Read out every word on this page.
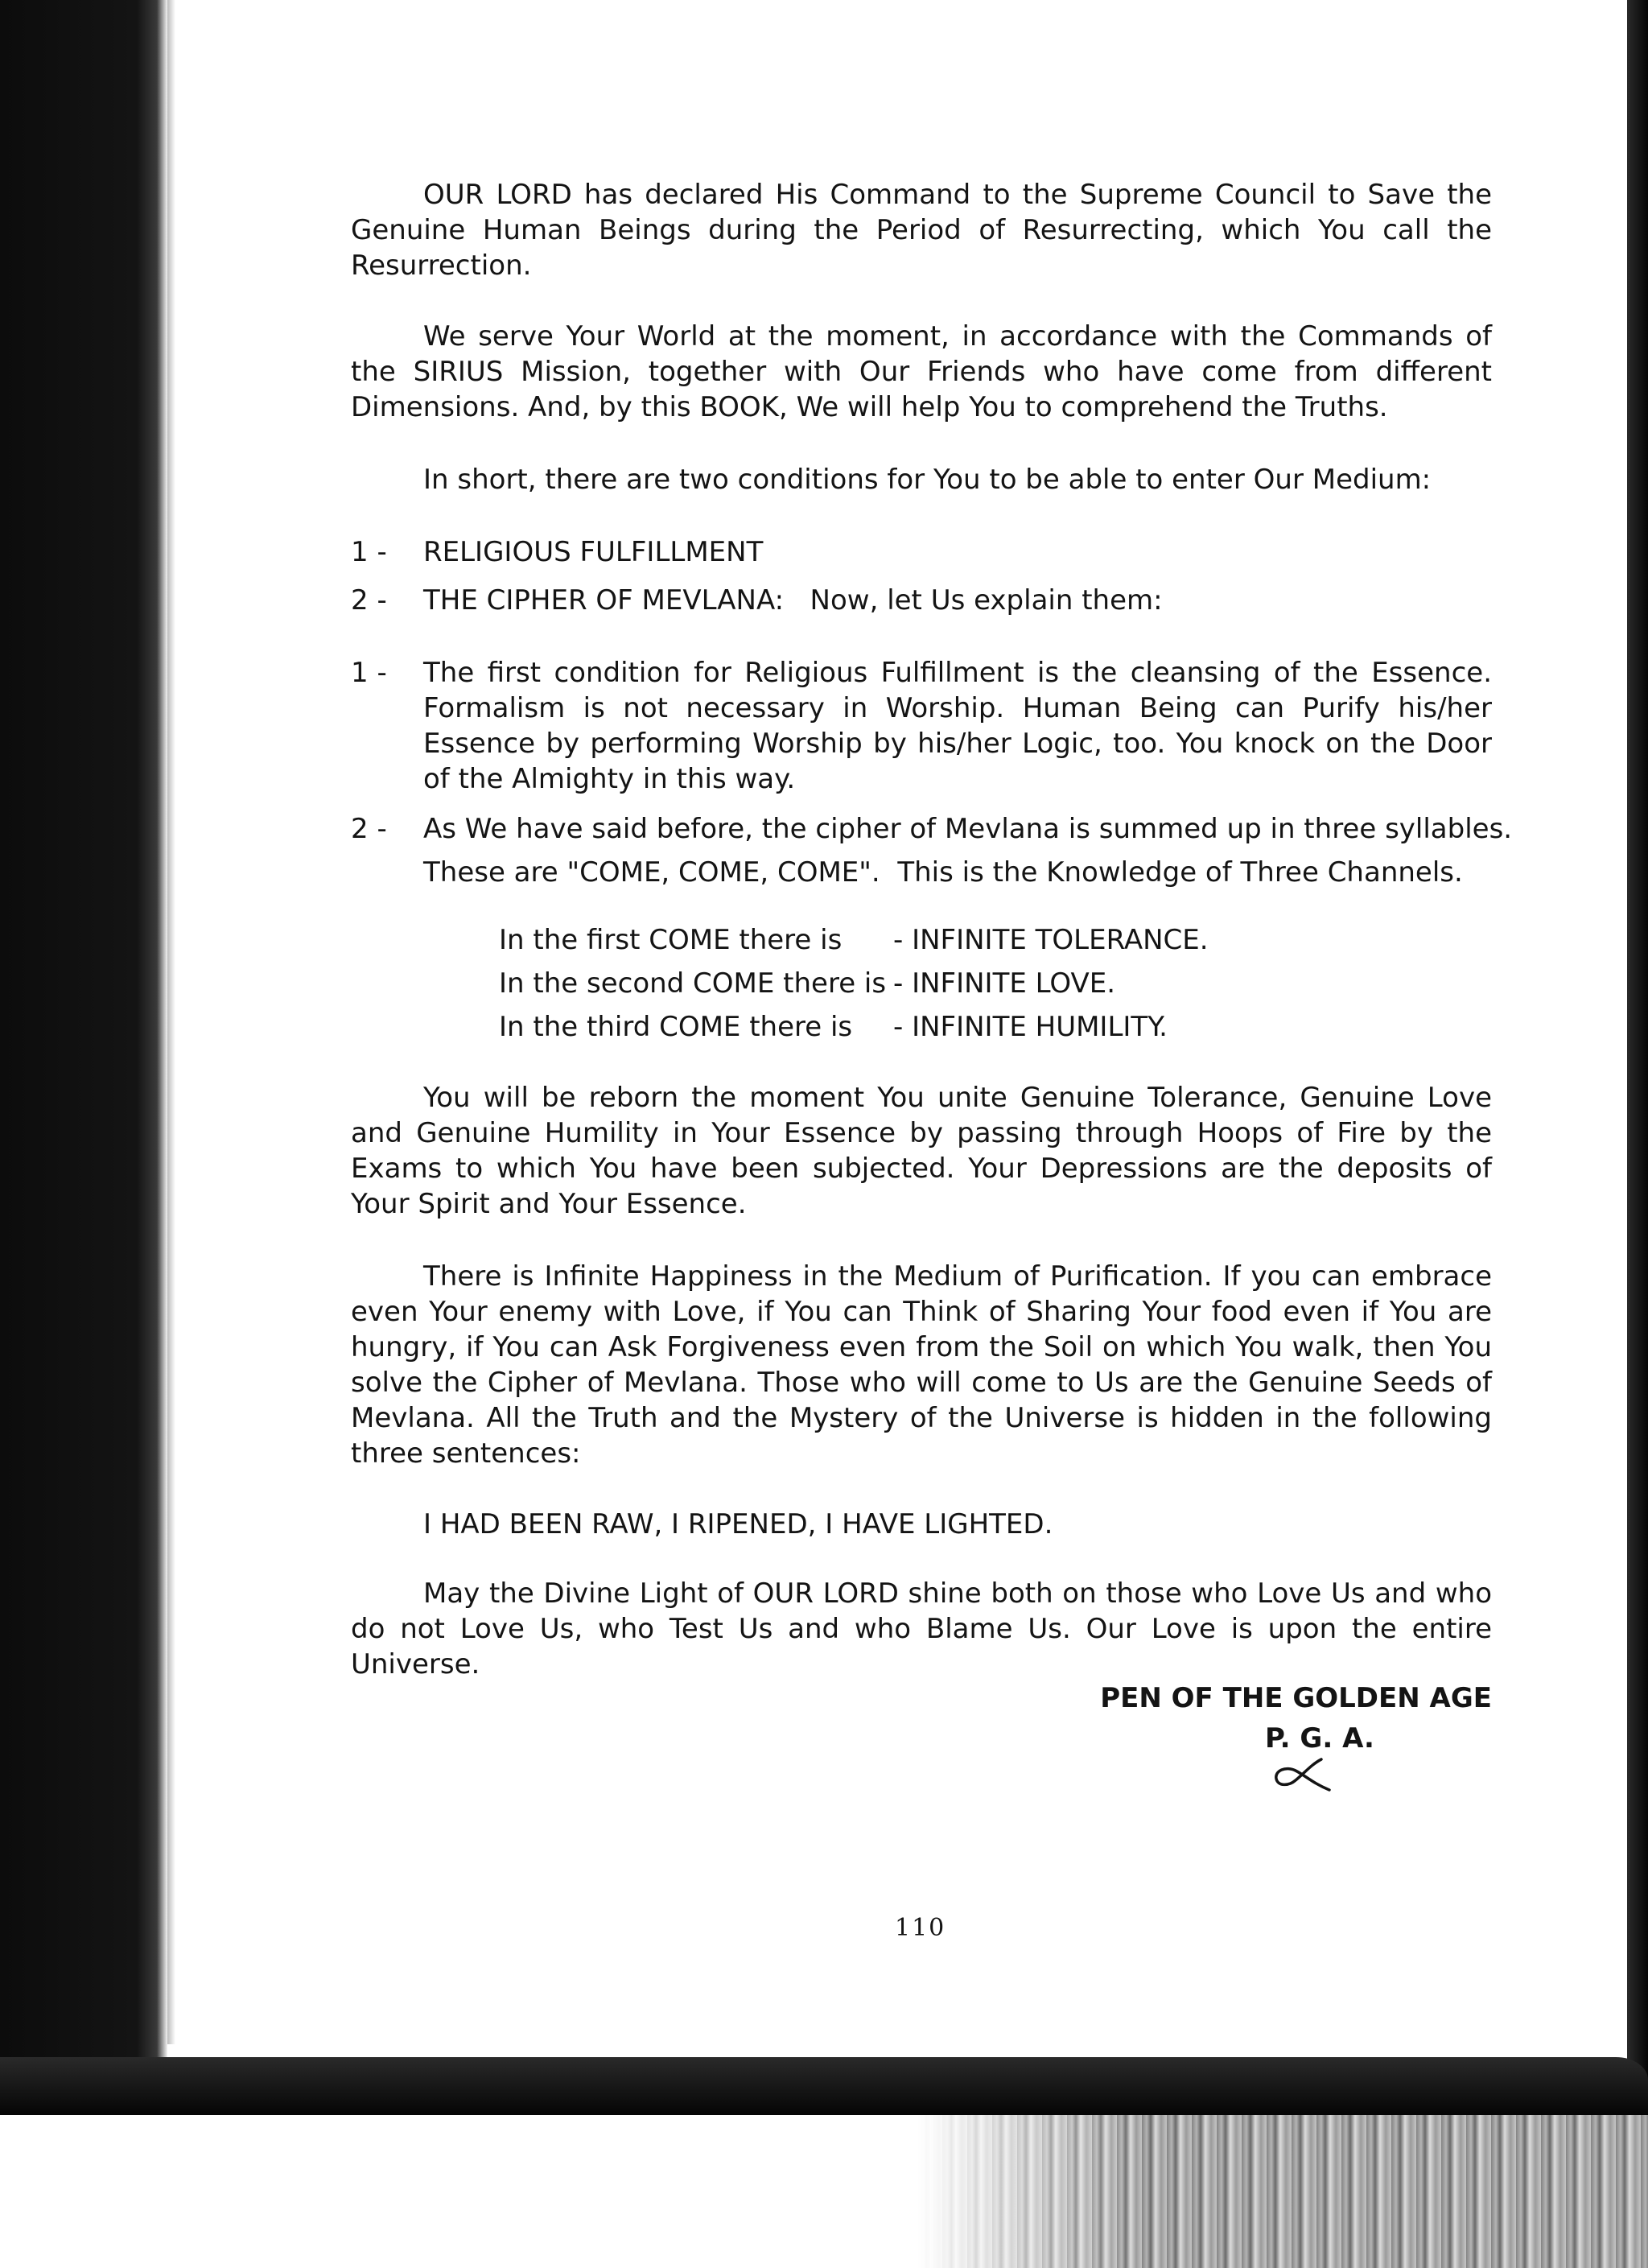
OUR LORD has declared His Command to the Supreme Council to Save the Genuine Human Beings during the Period of Resurrecting, which You call the Resurrection.

We serve Your World at the moment, in accordance with the Commands of the SIRIUS Mission, together with Our Friends who have come from different Dimensions. And, by this BOOK, We will help You to comprehend the Truths.

In short, there are two conditions for You to be able to enter Our Medium:

1 - RELIGIOUS FULFILLMENT
2 - THE CIPHER OF MEVLANA:   Now, let Us explain them:
1 - The first condition for Religious Fulfillment is the cleansing of the Essence. Formalism is not necessary in Worship. Human Being can Purify his/her Essence by performing Worship by his/her Logic, too. You knock on the Door of the Almighty in this way.

2 - As We have said before, the cipher of Mevlana is summed up in three syllables.
These are "COME, COME, COME".  This is the Knowledge of Three Channels.
In the first COME there is - INFINITE TOLERANCE.
In the second COME there is - INFINITE LOVE.
In the third COME there is - INFINITE HUMILITY.

You will be reborn the moment You unite Genuine Tolerance, Genuine Love and Genuine Humility in Your Essence by passing through Hoops of Fire by the Exams to which You have been subjected. Your Depressions are the deposits of Your Spirit and Your Essence.

There is Infinite Happiness in the Medium of Purification. If you can embrace even Your enemy with Love, if You can Think of Sharing Your food even if You are hungry, if You can Ask Forgiveness even from the Soil on which You walk, then You solve the Cipher of Mevlana. Those who will come to Us are the Genuine Seeds of Mevlana. All the Truth and the Mystery of the Universe is hidden in the following three sentences:

I HAD BEEN RAW, I RIPENED, I HAVE LIGHTED.

May the Divine Light of OUR LORD shine both on those who Love Us and who do not Love Us, who Test Us and who Blame Us. Our Love is upon the entire Universe.

PEN OF THE GOLDEN AGE
P. G. A.
110
